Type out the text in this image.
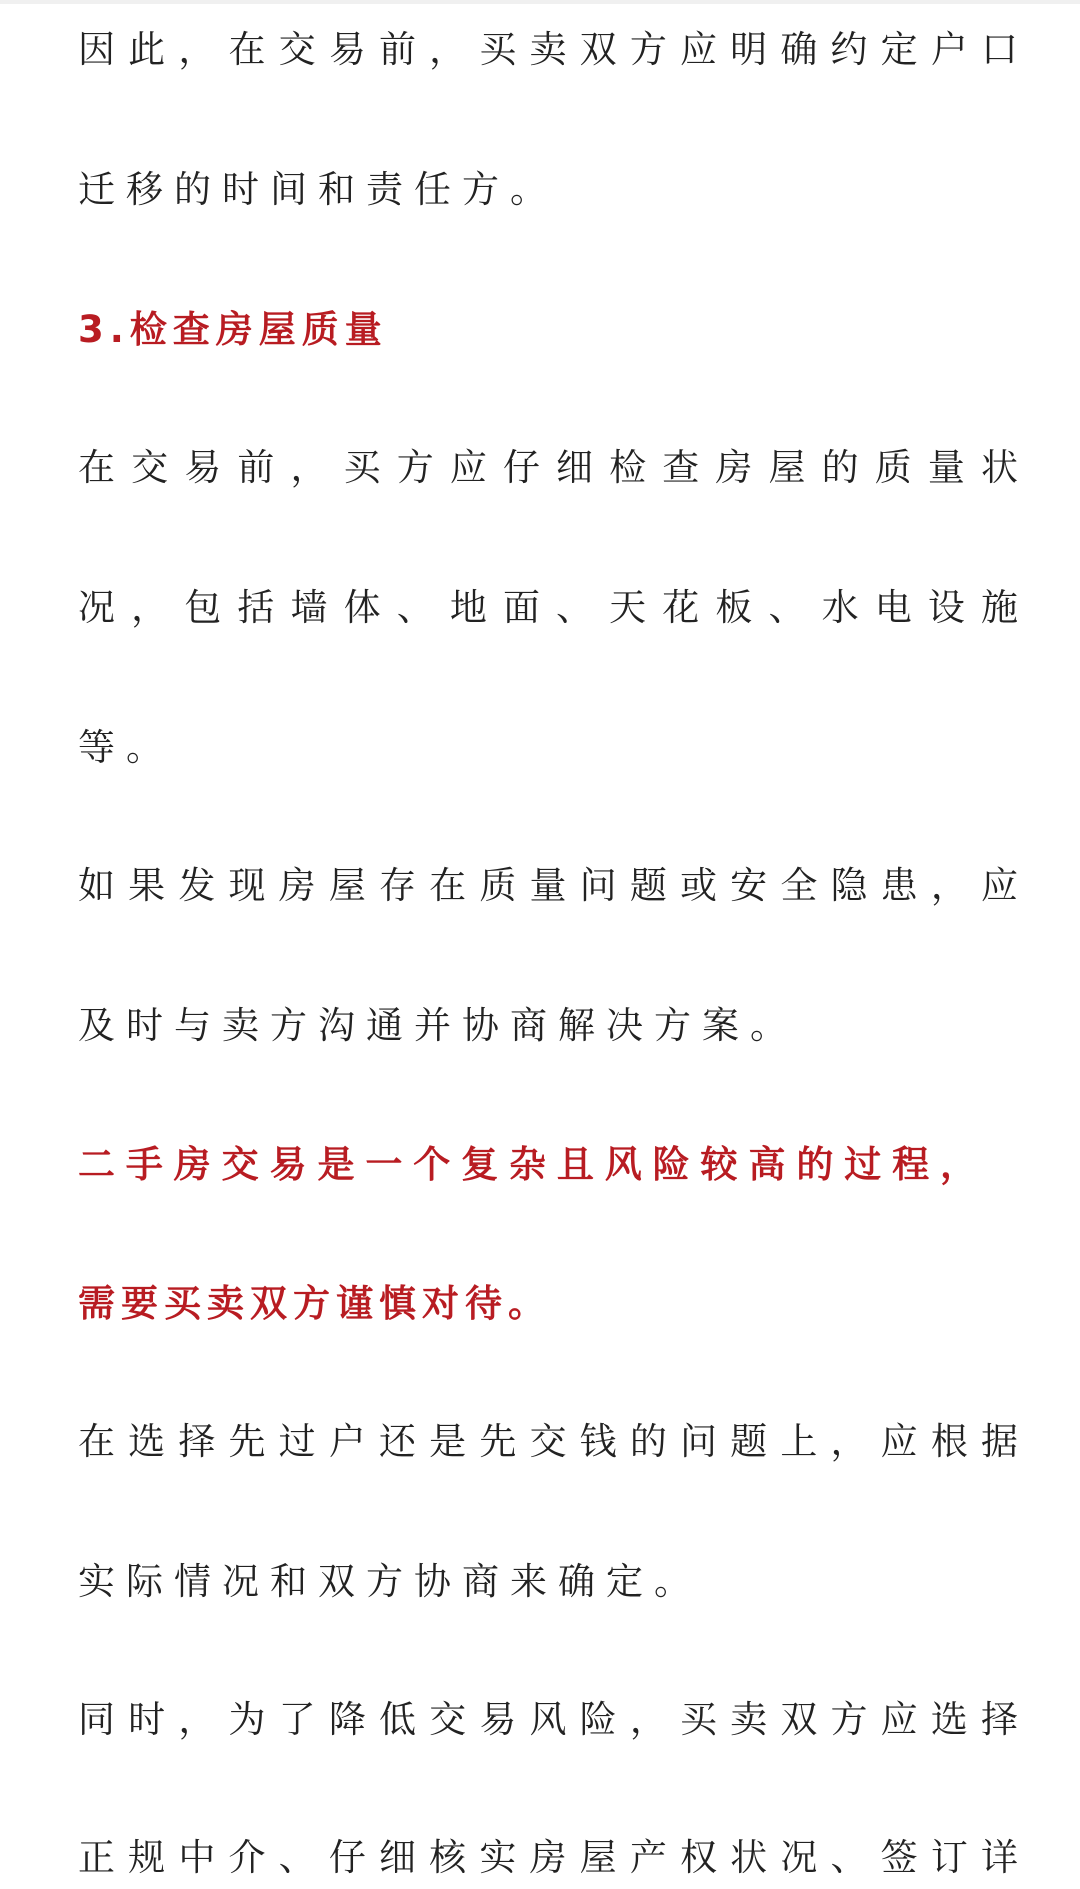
因此，在交易前，买卖双方应明确约定户口
迁移的时间和责任方。
3.检查房屋质量
在交易前，买方应仔细检查房屋的质量状
况，包括墙体、地面、天花板、水电设施
等。
如果发现房屋存在质量问题或安全隐患，应
及时与卖方沟通并协商解决方案。
二手房交易是一个复杂且风险较高的过程，
需要买卖双方谨慎对待。
在选择先过户还是先交钱的问题上，应根据
实际情况和双方协商来确定。
同时，为了降低交易风险，买卖双方应选择
正规中介、仔细核实房屋产权状况、签订详
